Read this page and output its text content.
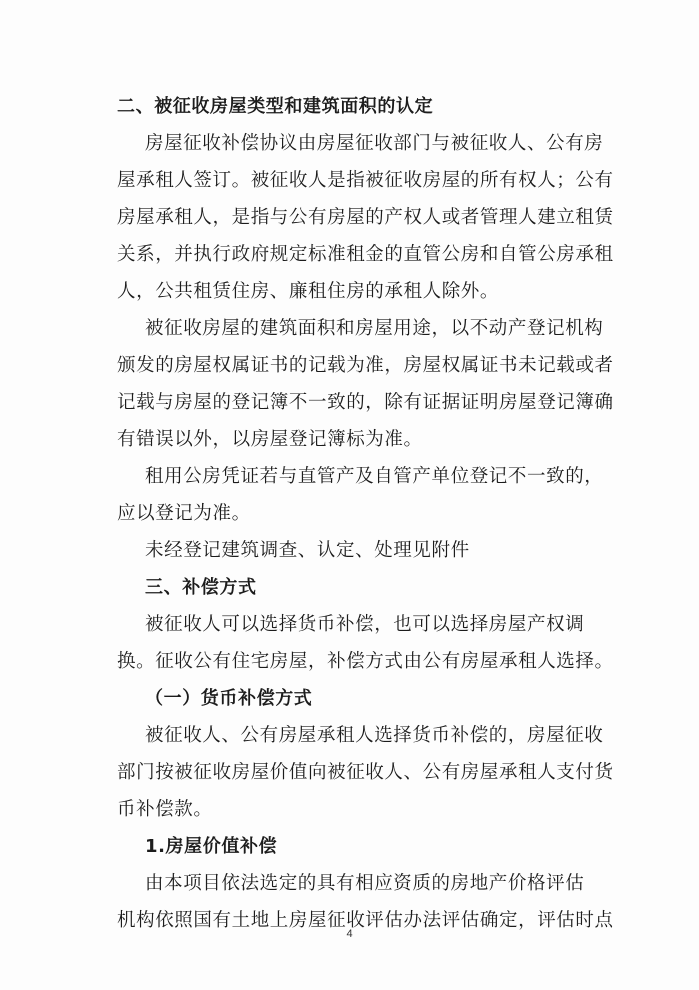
二、被征收房屋类型和建筑面积的认定
房屋征收补偿协议由房屋征收部门与被征收人、公有房
屋承租人签订。被征收人是指被征收房屋的所有权人；公有
房屋承租人，是指与公有房屋的产权人或者管理人建立租赁
关系，并执行政府规定标准租金的直管公房和自管公房承租
人，公共租赁住房、廉租住房的承租人除外。
被征收房屋的建筑面积和房屋用途，以不动产登记机构
颁发的房屋权属证书的记载为准，房屋权属证书未记载或者
记载与房屋的登记簿不一致的，除有证据证明房屋登记簿确
有错误以外，以房屋登记簿标为准。
租用公房凭证若与直管产及自管产单位登记不一致的，
应以登记为准。
未经登记建筑调查、认定、处理见附件
三、补偿方式
被征收人可以选择货币补偿，也可以选择房屋产权调
换。征收公有住宅房屋，补偿方式由公有房屋承租人选择。
（一）货币补偿方式
被征收人、公有房屋承租人选择货币补偿的，房屋征收
部门按被征收房屋价值向被征收人、公有房屋承租人支付货
币补偿款。
1.房屋价值补偿
由本项目依法选定的具有相应资质的房地产价格评估
机构依照国有土地上房屋征收评估办法评估确定，评估时点
4
